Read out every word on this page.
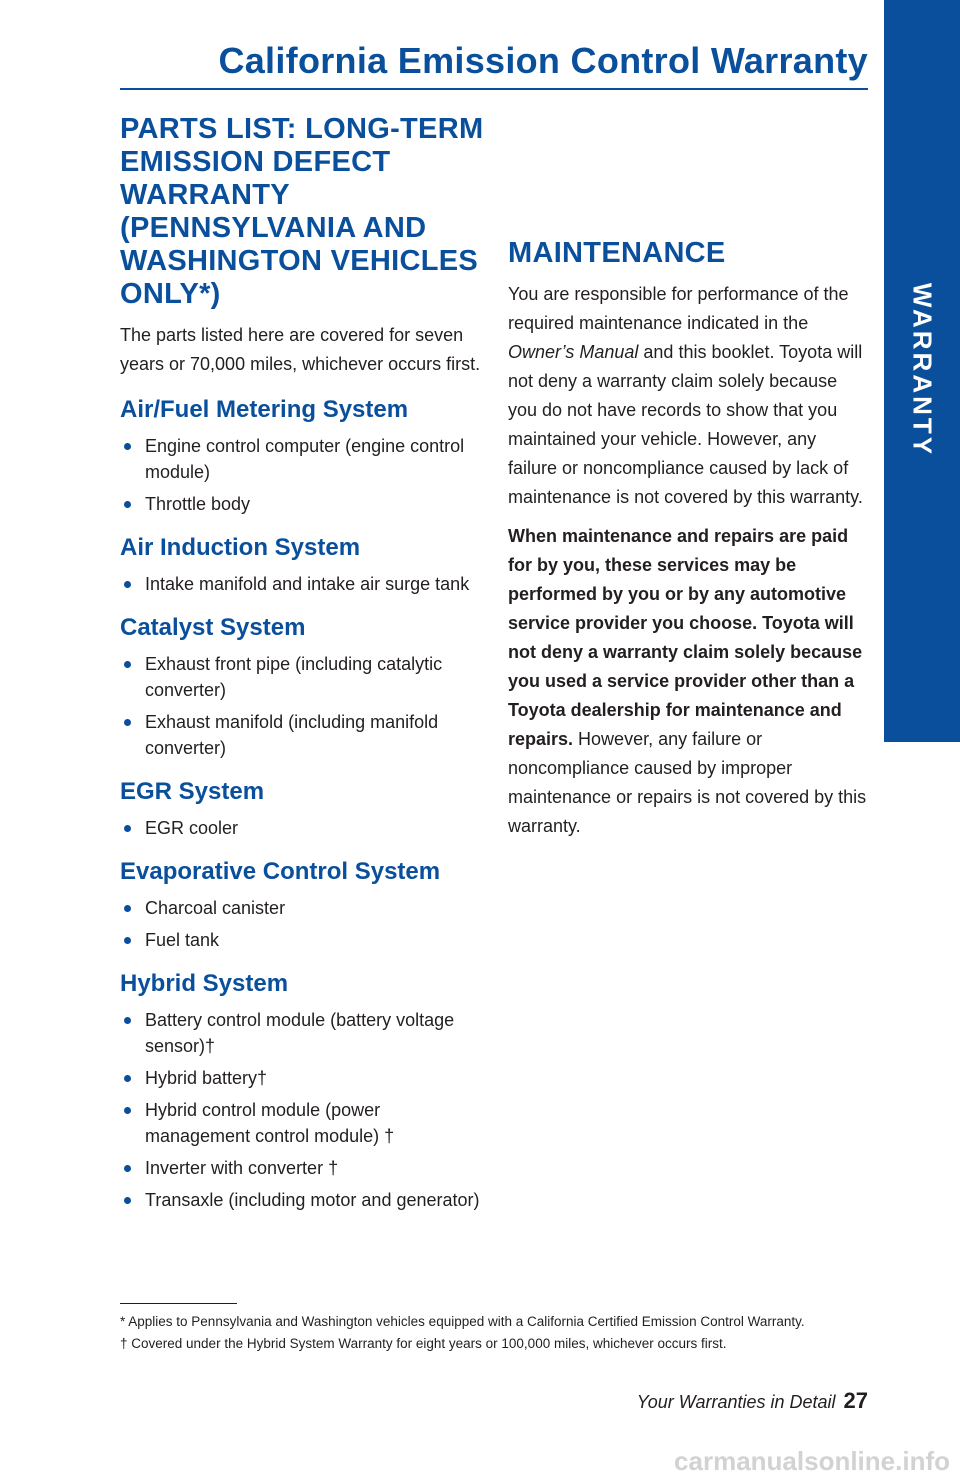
California Emission Control Warranty
WARRANTY
PARTS LIST: LONG-TERM EMISSION DEFECT WARRANTY (PENNSYLVANIA AND WASHINGTON VEHICLES ONLY*)

The parts listed here are covered for seven years or 70,000 miles, whichever occurs first.

Air/Fuel Metering System
Engine control computer (engine control module)
Throttle body
Air Induction System
Intake manifold and intake air surge tank
Catalyst System
Exhaust front pipe (including catalytic converter)
Exhaust manifold (including manifold converter)
EGR System
EGR cooler
Evaporative Control System
Charcoal canister
Fuel tank
Hybrid System
Battery control module (battery voltage sensor)†
Hybrid battery†
Hybrid control module (power management control module) †
Inverter with converter †
Transaxle (including motor and generator)
MAINTENANCE

You are responsible for performance of the required maintenance indicated in the Owner’s Manual and this booklet. Toyota will not deny a warranty claim solely because you do not have records to show that you maintained your vehicle. However, any failure or noncompliance caused by lack of maintenance is not covered by this warranty.

When maintenance and repairs are paid for by you, these services may be performed by you or by any automotive service provider you choose. Toyota will not deny a warranty claim solely because you used a service provider other than a Toyota dealership for maintenance and repairs. However, any failure or noncompliance caused by improper maintenance or repairs is not covered by this warranty.

* Applies to Pennsylvania and Washington vehicles equipped with a California Certified Emission Control Warranty.

† Covered under the Hybrid System Warranty for eight years or 100,000 miles, whichever occurs first.

Your Warranties in Detail 27
carmanualsonline.info
